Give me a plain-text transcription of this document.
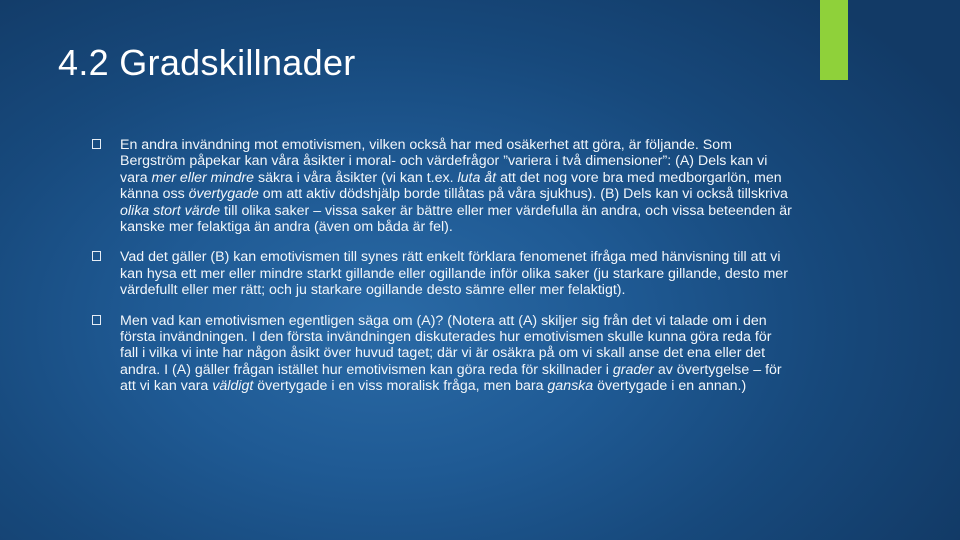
4.2 Gradskillnader
En andra invändning mot emotivismen, vilken också har med osäkerhet att göra, är följande. Som Bergström påpekar kan våra åsikter i moral- och värdefrågor ”variera i två dimensioner”: (A) Dels kan vi vara mer eller mindre säkra i våra åsikter (vi kan t.ex. luta åt att det nog vore bra med medborgarlön, men känna oss övertygade om att aktiv dödshjälp borde tillåtas på våra sjukhus). (B) Dels kan vi också tillskriva olika stort värde till olika saker – vissa saker är bättre eller mer värdefulla än andra, och vissa beteenden är kanske mer felaktiga än andra (även om båda är fel).
Vad det gäller (B) kan emotivismen till synes rätt enkelt förklara fenomenet ifråga med hänvisning till att vi kan hysa ett mer eller mindre starkt gillande eller ogillande inför olika saker (ju starkare gillande, desto mer värdefullt eller mer rätt; och ju starkare ogillande desto sämre eller mer felaktigt).
Men vad kan emotivismen egentligen säga om (A)? (Notera att (A) skiljer sig från det vi talade om i den första invändningen. I den första invändningen diskuterades hur emotivismen skulle kunna göra reda för fall i vilka vi inte har någon åsikt över huvud taget; där vi är osäkra på om vi skall anse det ena eller det andra. I (A) gäller frågan istället hur emotivismen kan göra reda för skillnader i grader av övertygelse – för att vi kan vara väldigt övertygade i en viss moralisk fråga, men bara ganska övertygade i en annan.)
